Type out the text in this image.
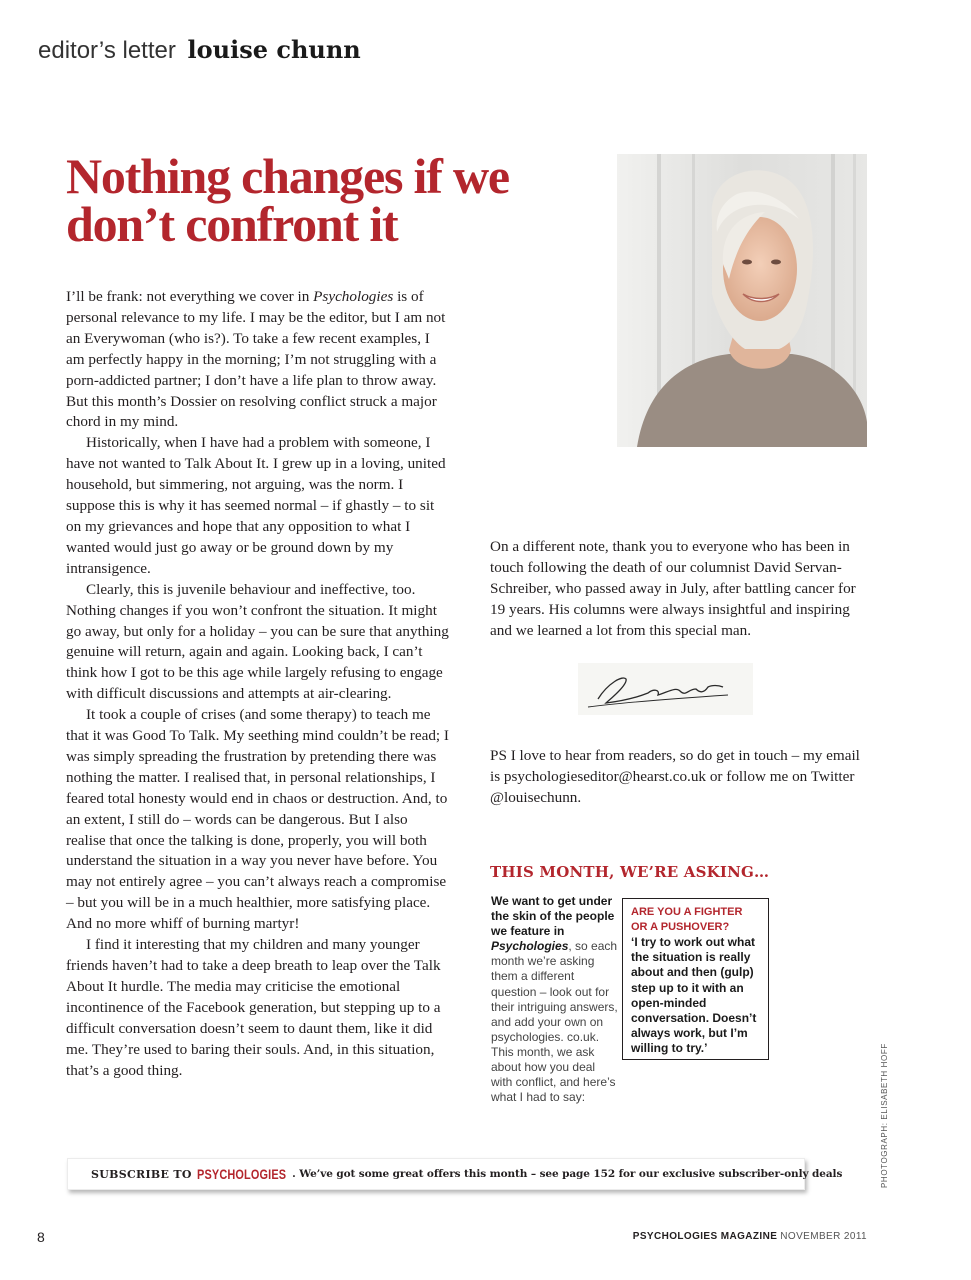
editor’s letter louise chunn
Nothing changes if we don’t confront it

I’ll be frank: not everything we cover in Psychologies is of personal relevance to my life. I may be the editor, but I am not an Everywoman (who is?). To take a few recent examples, I am perfectly happy in the morning; I’m not struggling with a porn-addicted partner; I don’t have a life plan to throw away. But this month’s Dossier on resolving conflict struck a major chord in my mind.

Historically, when I have had a problem with someone, I have not wanted to Talk About It. I grew up in a loving, united household, but simmering, not arguing, was the norm. I suppose this is why it has seemed normal – if ghastly – to sit on my grievances and hope that any opposition to what I wanted would just go away or be ground down by my intransigence.

Clearly, this is juvenile behaviour and ineffective, too. Nothing changes if you won’t confront the situation. It might go away, but only for a holiday – you can be sure that anything genuine will return, again and again. Looking back, I can’t think how I got to be this age while largely refusing to engage with difficult discussions and attempts at air-clearing.

It took a couple of crises (and some therapy) to teach me that it was Good To Talk. My seething mind couldn’t be read; I was simply spreading the frustration by pretending there was nothing the matter. I realised that, in personal relationships, I feared total honesty would end in chaos or destruction. And, to an extent, I still do – words can be dangerous. But I also realise that once the talking is done, properly, you will both understand the situation in a way you never have before. You may not entirely agree – you can’t always reach a compromise – but you will be in a much healthier, more satisfying place. And no more whiff of burning martyr!

I find it interesting that my children and many younger friends haven’t had to take a deep breath to leap over the Talk About It hurdle. The media may criticise the emotional incontinence of the Facebook generation, but stepping up to a difficult conversation doesn’t seem to daunt them, like it did me. They’re used to baring their souls. And, in this situation, that’s a good thing.

On a different note, thank you to everyone who has been in touch following the death of our columnist David Servan-Schreiber, who passed away in July, after battling cancer for 19 years. His columns were always insightful and inspiring and we learned a lot from this special man.
Louise
PS I love to hear from readers, so do get in touch – my email is psychologieseditor@hearst.co.uk or follow me on Twitter @louisechunn.
THIS MONTH, WE’RE ASKING…
We want to get under the skin of the people we feature in Psychologies, so each month we’re asking them a different question – look out for their intriguing answers, and add your own on psychologies. co.uk. This month, we ask about how you deal with conflict, and here’s what I had to say:
ARE YOU A FIGHTER OR A PUSHOVER?
‘I try to work out what the situation is really about and then (gulp) step up to it with an open-minded conversation. Doesn’t always work, but I’m willing to try.’	PHOTOGRAPH: ELISABETH HOFF
SUBSCRIBE TO PSYCHOLOGIES . We’ve got some great offers this month – see page 152 for our exclusive subscriber-only deals
8	PSYCHOLOGIES MAGAZINE NOVEMBER 2011
